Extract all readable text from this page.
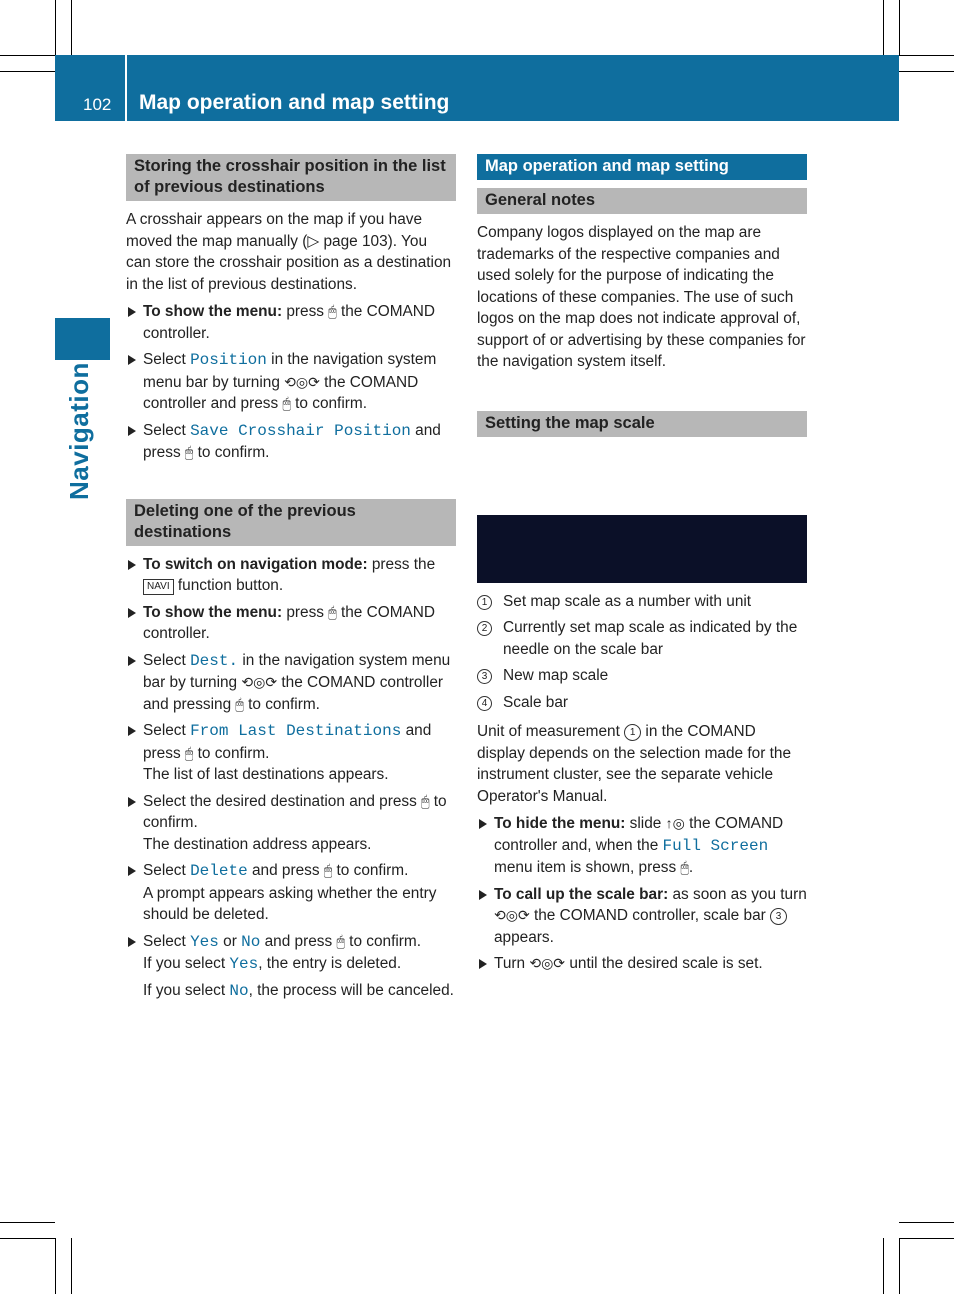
102 Map operation and map setting
Navigation
Storing the crosshair position in the list of previous destinations

A crosshair appears on the map if you have moved the map manually (▷ page 103). You can store the crosshair position as a destination in the list of previous destinations.

To show the menu: press 🖱 the COMAND controller.
Select Position in the navigation system menu bar by turning ⟲◎⟳ the COMAND controller and press 🖱 to confirm.
Select Save Crosshair Position and press 🖱 to confirm.
Deleting one of the previous destinations
To switch on navigation mode: press the NAVI function button.
To show the menu: press 🖱 the COMAND controller.
Select Dest. in the navigation system menu bar by turning ⟲◎⟳ the COMAND controller and pressing 🖱 to confirm.
Select From Last Destinations and press 🖱 to confirm.
The list of last destinations appears.
Select the desired destination and press 🖱 to confirm.
The destination address appears.
Select Delete and press 🖱 to confirm.
A prompt appears asking whether the entry should be deleted.
Select Yes or No and press 🖱 to confirm.
If you select Yes, the entry is deleted.
If you select No, the process will be canceled.
Map operation and map setting
General notes

Company logos displayed on the map are trademarks of the respective companies and used solely for the purpose of indicating the locations of these companies. The use of such logos on the map does not indicate approval of, support of or advertising by these companies for the navigation system itself.

Setting the map scale
1	Set map scale as a number with unit
2	Currently set map scale as indicated by the needle on the scale bar
3	New map scale
4	Scale bar

Unit of measurement 1 in the COMAND display depends on the selection made for the instrument cluster, see the separate vehicle Operator's Manual.

To hide the menu: slide ↑◎ the COMAND controller and, when the Full Screen menu item is shown, press 🖱.
To call up the scale bar: as soon as you turn ⟲◎⟳ the COMAND controller, scale bar 3 appears.
Turn ⟲◎⟳ until the desired scale is set.
